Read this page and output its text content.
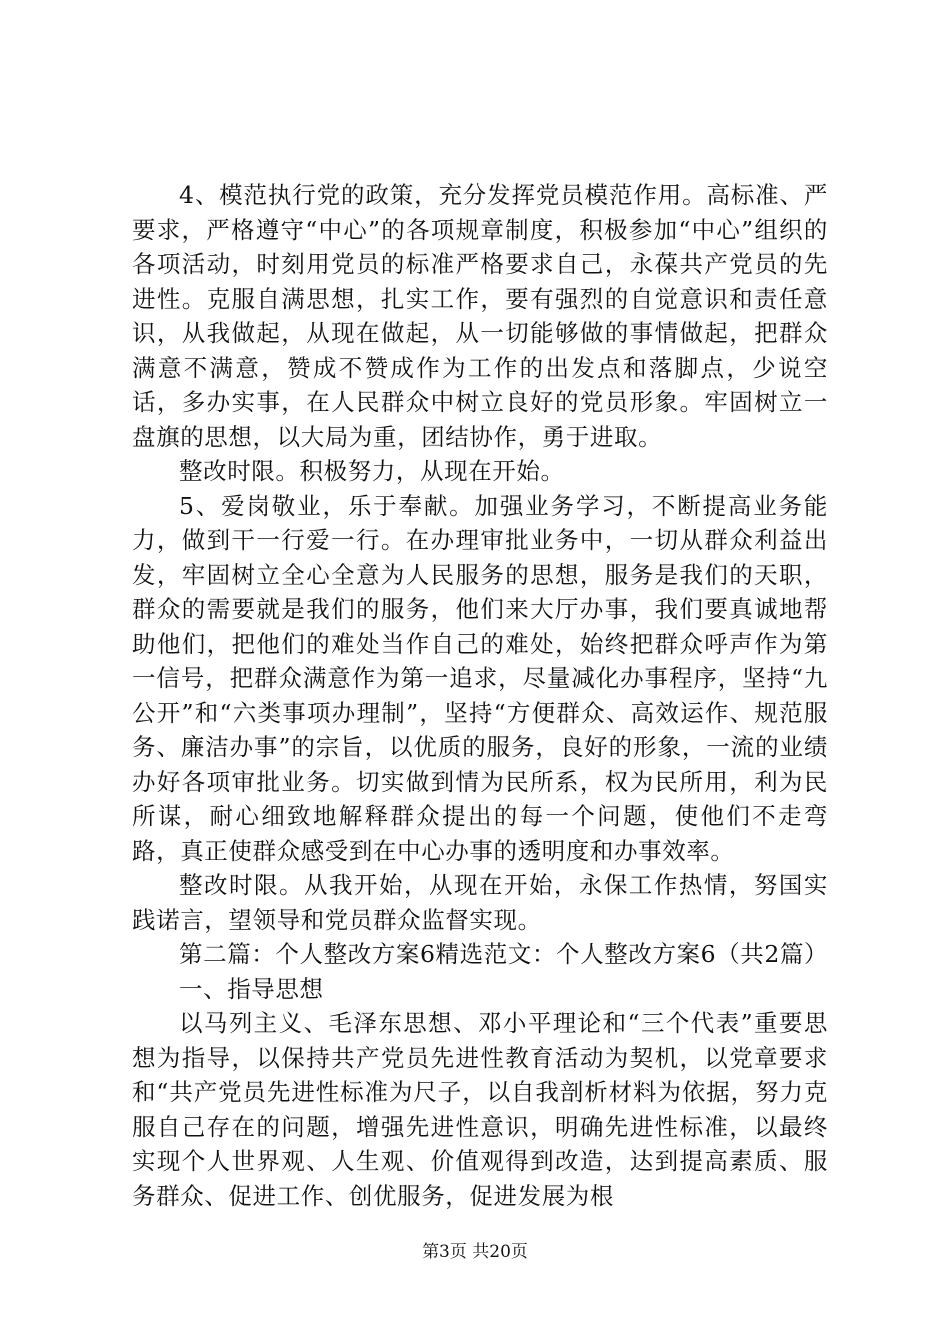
4、模范执行党的政策，充分发挥党员模范作用。高标准、严要求，严格遵守“中心”的各项规章制度，积极参加“中心”组织的各项活动，时刻用党员的标准严格要求自己，永葆共产党员的先进性。克服自满思想，扎实工作，要有强烈的自觉意识和责任意识，从我做起，从现在做起，从一切能够做的事情做起，把群众满意不满意，赞成不赞成作为工作的出发点和落脚点，少说空话，多办实事，在人民群众中树立良好的党员形象。牢固树立一盘旗的思想，以大局为重，团结协作，勇于进取。

整改时限。积极努力，从现在开始。

5、爱岗敬业，乐于奉献。加强业务学习，不断提高业务能力，做到干一行爱一行。在办理审批业务中，一切从群众利益出发，牢固树立全心全意为人民服务的思想，服务是我们的天职，群众的需要就是我们的服务，他们来大厅办事，我们要真诚地帮助他们，把他们的难处当作自己的难处，始终把群众呼声作为第一信号，把群众满意作为第一追求，尽量减化办事程序，坚持“九公开”和“六类事项办理制”，坚持“方便群众、高效运作、规范服务、廉洁办事”的宗旨，以优质的服务，良好的形象，一流的业绩办好各项审批业务。切实做到情为民所系，权为民所用，利为民所谋，耐心细致地解释群众提出的每一个问题，使他们不走弯路，真正使群众感受到在中心办事的透明度和办事效率。

整改时限。从我开始，从现在开始，永保工作热情，努国实践诺言，望领导和党员群众监督实现。

第二篇：个人整改方案6精选范文：个人整改方案6（共2篇）

一、指导思想

以马列主义、毛泽东思想、邓小平理论和“三个代表”重要思想为指导，以保持共产党员先进性教育活动为契机，以党章要求和“共产党员先进性标准为尺子，以自我剖析材料为依据，努力克服自己存在的问题，增强先进性意识，明确先进性标准，以最终实现个人世界观、人生观、价值观得到改造，达到提高素质、服务群众、促进工作、创优服务，促进发展为根

第3页 共20页
